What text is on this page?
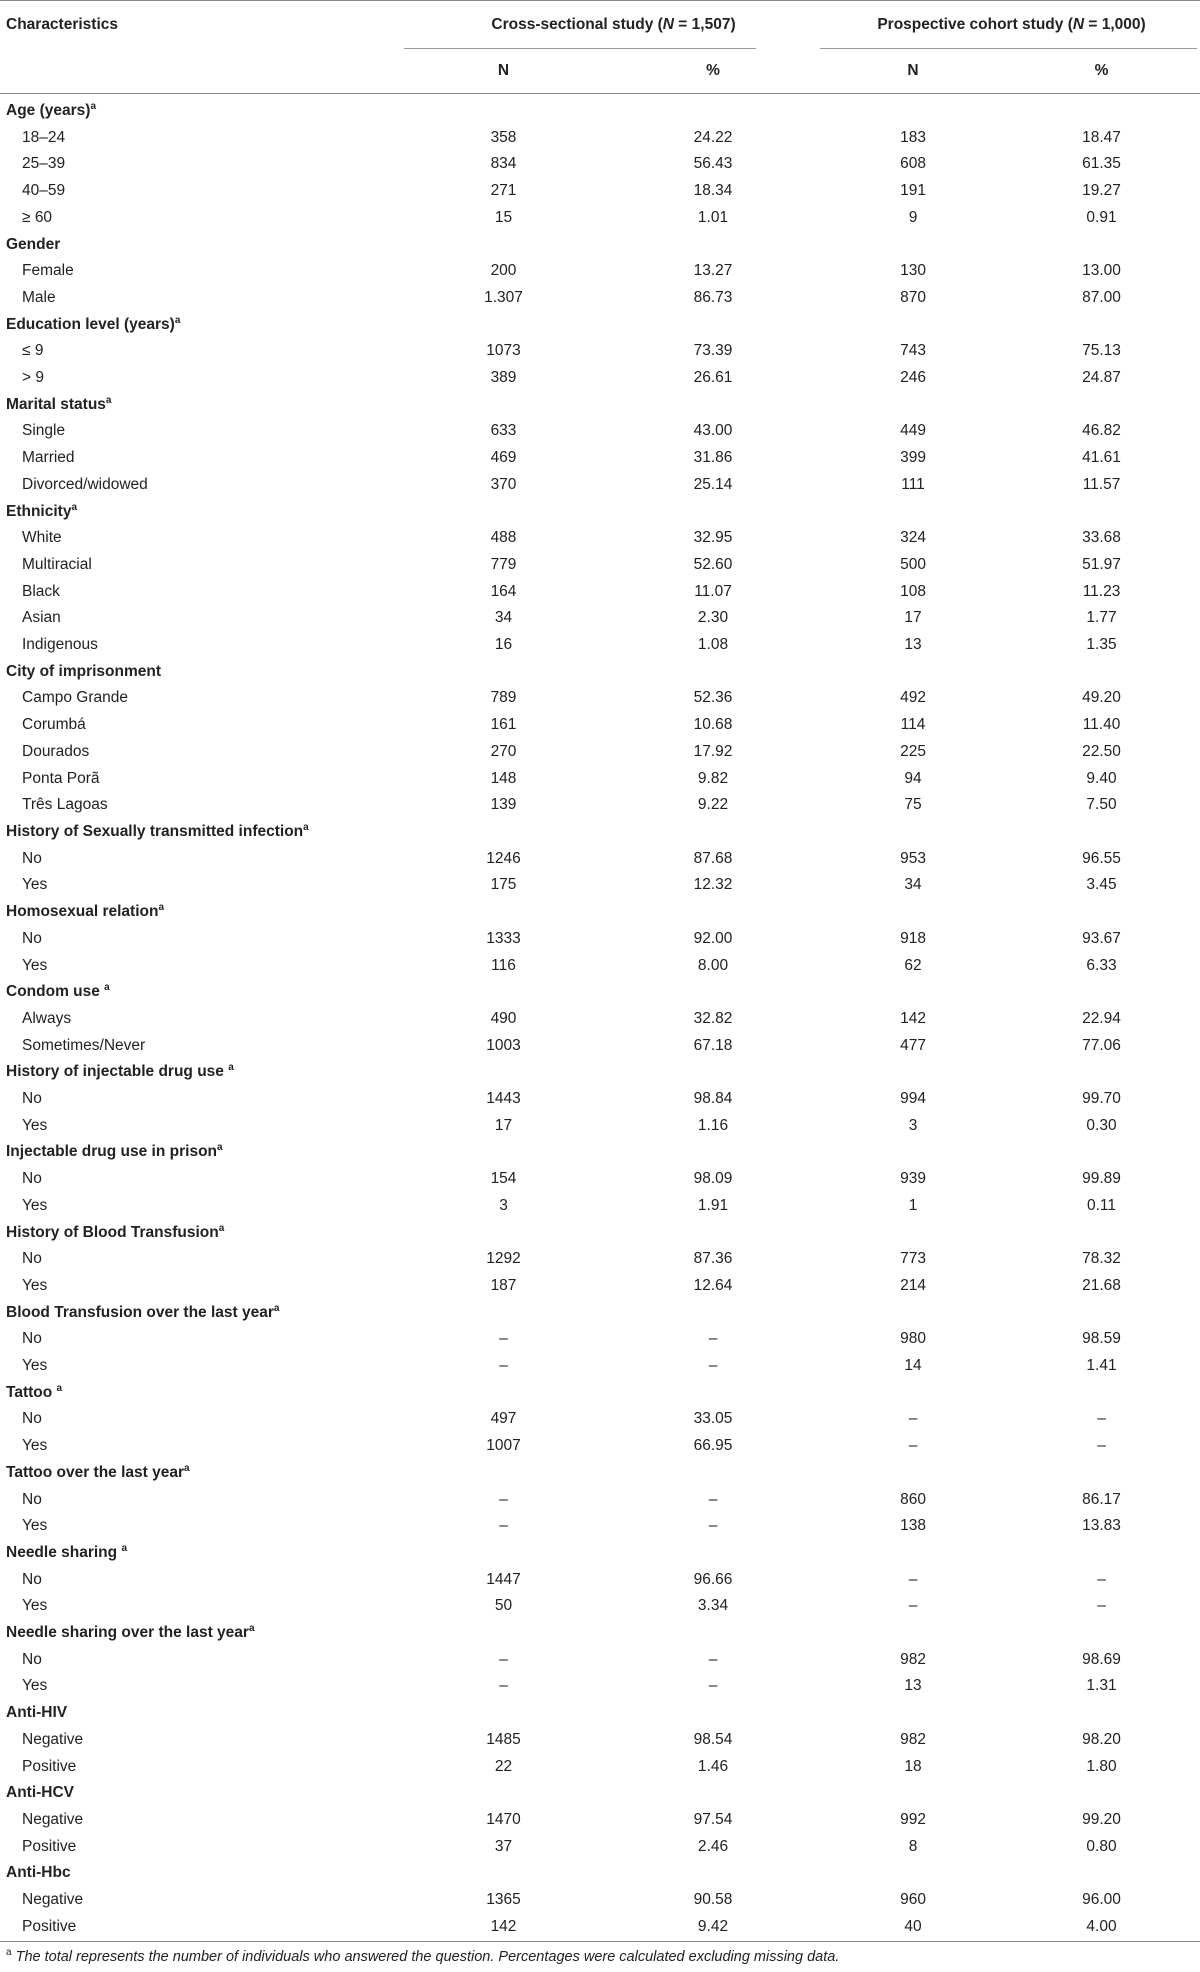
Characteristics	Cross-sectional study (N = 1,507)		Prospective cohort study (N = 1,000)	
	N	%	N	%
Age (years)$^a$
18–24	358	24.22	183	18.47
25–39	834	56.43	608	61.35
40–59	271	18.34	191	19.27
≥ 60	15	1.01	9	0.91
Gender				
Female	200	13.27	130	13.00
Male	1.307	86.73	870	87.00
Education level (years)$^a$
≤ 9	1073	73.39	743	75.13
> 9	389	26.61	246	24.87
Marital status$^a$
Single	633	43.00	449	46.82
Married	469	31.86	399	41.61
Divorced/widowed	370	25.14	111	11.57
Ethnicity$^a$
White	488	32.95	324	33.68
Multiracial	779	52.60	500	51.97
Black	164	11.07	108	11.23
Asian	34	2.30	17	1.77
Indigenous	16	1.08	13	1.35
City of imprisonment				
Campo Grande	789	52.36	492	49.20
Corumbá	161	10.68	114	11.40
Dourados	270	17.92	225	22.50
Ponta Porã	148	9.82	94	9.40
Três Lagoas	139	9.22	75	7.50
History of Sexually transmitted infection$^a$
No	1246	87.68	953	96.55
Yes	175	12.32	34	3.45
Homosexual relation$^a$
No	1333	92.00	918	93.67
Yes	116	8.00	62	6.33
Condom use $^a$
Always	490	32.82	142	22.94
Sometimes/Never	1003	67.18	477	77.06
History of injectable drug use $^a$
No	1443	98.84	994	99.70
Yes	17	1.16	3	0.30
Injectable drug use in prison$^a$
No	154	98.09	939	99.89
Yes	3	1.91	1	0.11
History of Blood Transfusion$^a$
No	1292	87.36	773	78.32
Yes	187	12.64	214	21.68
Blood Transfusion over the last year$^a$
No	–	–	980	98.59
Yes	–	–	14	1.41
Tattoo $^a$
No	497	33.05	–	–
Yes	1007	66.95	–	–
Tattoo over the last year$^a$
No	–	–	860	86.17
Yes	–	–	138	13.83
Needle sharing $^a$
No	1447	96.66	–	–
Yes	50	3.34	–	–
Needle sharing over the last year$^a$
No	–	–	982	98.69
Yes	–	–	13	1.31
Anti-HIV				
Negative	1485	98.54	982	98.20
Positive	22	1.46	18	1.80
Anti-HCV				
Negative	1470	97.54	992	99.20
Positive	37	2.46	8	0.80
Anti-Hbc				
Negative	1365	90.58	960	96.00
Positive	142	9.42	40	4.00
$^a$ The total represents the number of individuals who answered the question. Percentages were calculated excluding missing data.
